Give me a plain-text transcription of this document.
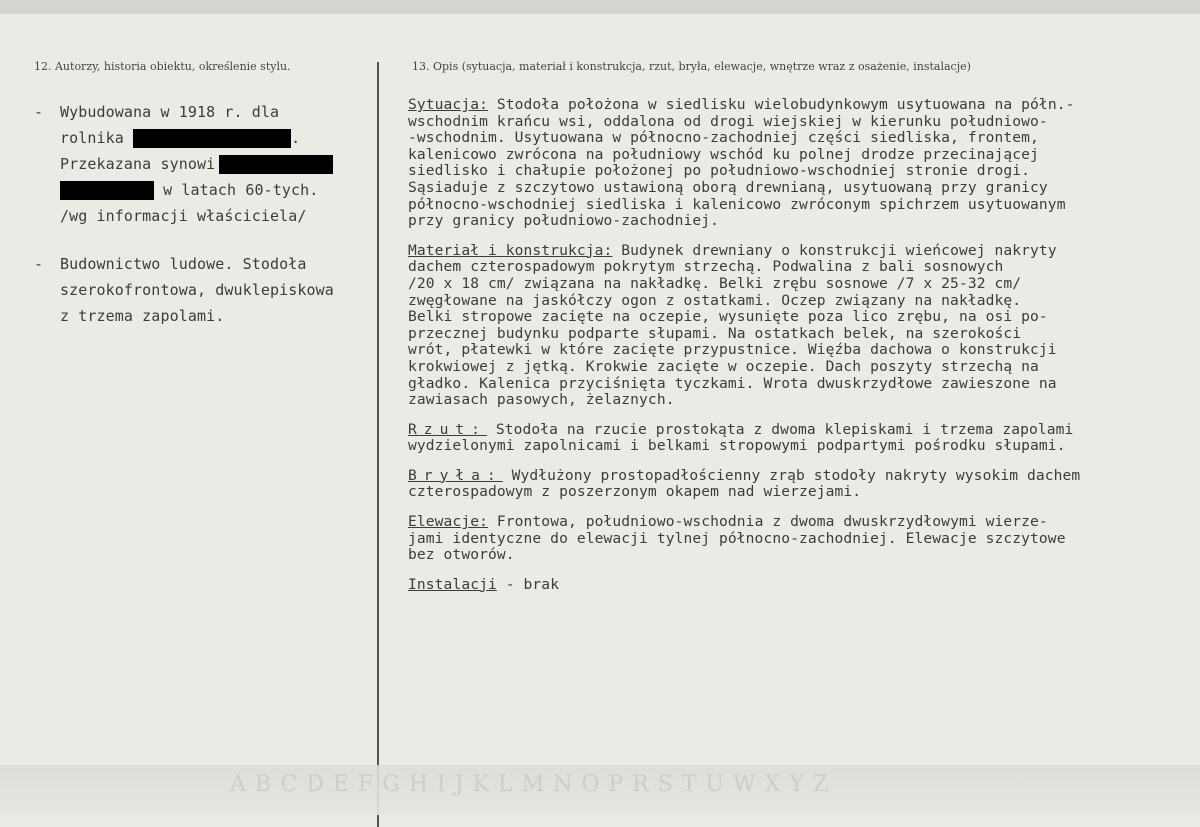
12. Autorzy, historia obiektu, określenie stylu.	13. Opis (sytuacja, materiał i konstrukcja, rzut, bryła, elewacje, wnętrze wraz z osażenie, instalacje)
- Wybudowana w 1918 r. dla
rolnika	.
Przekazana synowi
w latach 60-tych.
/wg informacji właściciela/
- Budownictwo ludowe. Stodoła
szerokofrontowa, dwuklepiskowa
z trzema zapolami.
Sytuacja: Stodoła położona w siedlisku wielobudynkowym usytuowana na półn.-
wschodnim krańcu wsi, oddalona od drogi wiejskiej w kierunku południowo-
-wschodnim. Usytuowana w północno-zachodniej części siedliska, frontem,
kalenicowo zwrócona na południowy wschód ku polnej drodze przecinającej
siedlisko i chałupie położonej po południowo-wschodniej stronie drogi.
Sąsiaduje z szczytowo ustawioną oborą drewnianą, usytuowaną przy granicy
północno-wschodniej siedliska i kalenicowo zwróconym spichrzem usytuowanym
przy granicy południowo-zachodniej.
Materiał i konstrukcja: Budynek drewniany o konstrukcji wieńcowej nakryty
dachem czterospadowym pokrytym strzechą. Podwalina z bali sosnowych
/20 x 18 cm/ związana na nakładkę. Belki zrębu sosnowe /7 x 25-32 cm/
zwęgłowane na jaskółczy ogon z ostatkami. Oczep związany na nakładkę.
Belki stropowe zacięte na oczepie, wysunięte poza lico zrębu, na osi po-
przecznej budynku podparte słupami. Na ostatkach belek, na szerokości
wrót, płatewki w które zacięte przypustnice. Więźba dachowa o konstrukcji
krokwiowej z jętką. Krokwie zacięte w oczepie. Dach poszyty strzechą na
gładko. Kalenica przyciśnięta tyczkami. Wrota dwuskrzydłowe zawieszone na
zawiasach pasowych, żelaznych.
Rzut: Stodoła na rzucie prostokąta z dwoma klepiskami i trzema zapolami
wydzielonymi zapolnicami i belkami stropowymi podpartymi pośrodku słupami.
Bryła: Wydłużony prostopadłościenny zrąb stodoły nakryty wysokim dachem
czterospadowym z poszerzonym okapem nad wierzejami.
Elewacje: Frontowa, południowo-wschodnia z dwoma dwuskrzydłowymi wierze-
jami identyczne do elewacji tylnej północno-zachodniej. Elewacje szczytowe
bez otworów.
Instalacji - brak
ABCDEFGHIJKLMNOPRSTUWXYZ
